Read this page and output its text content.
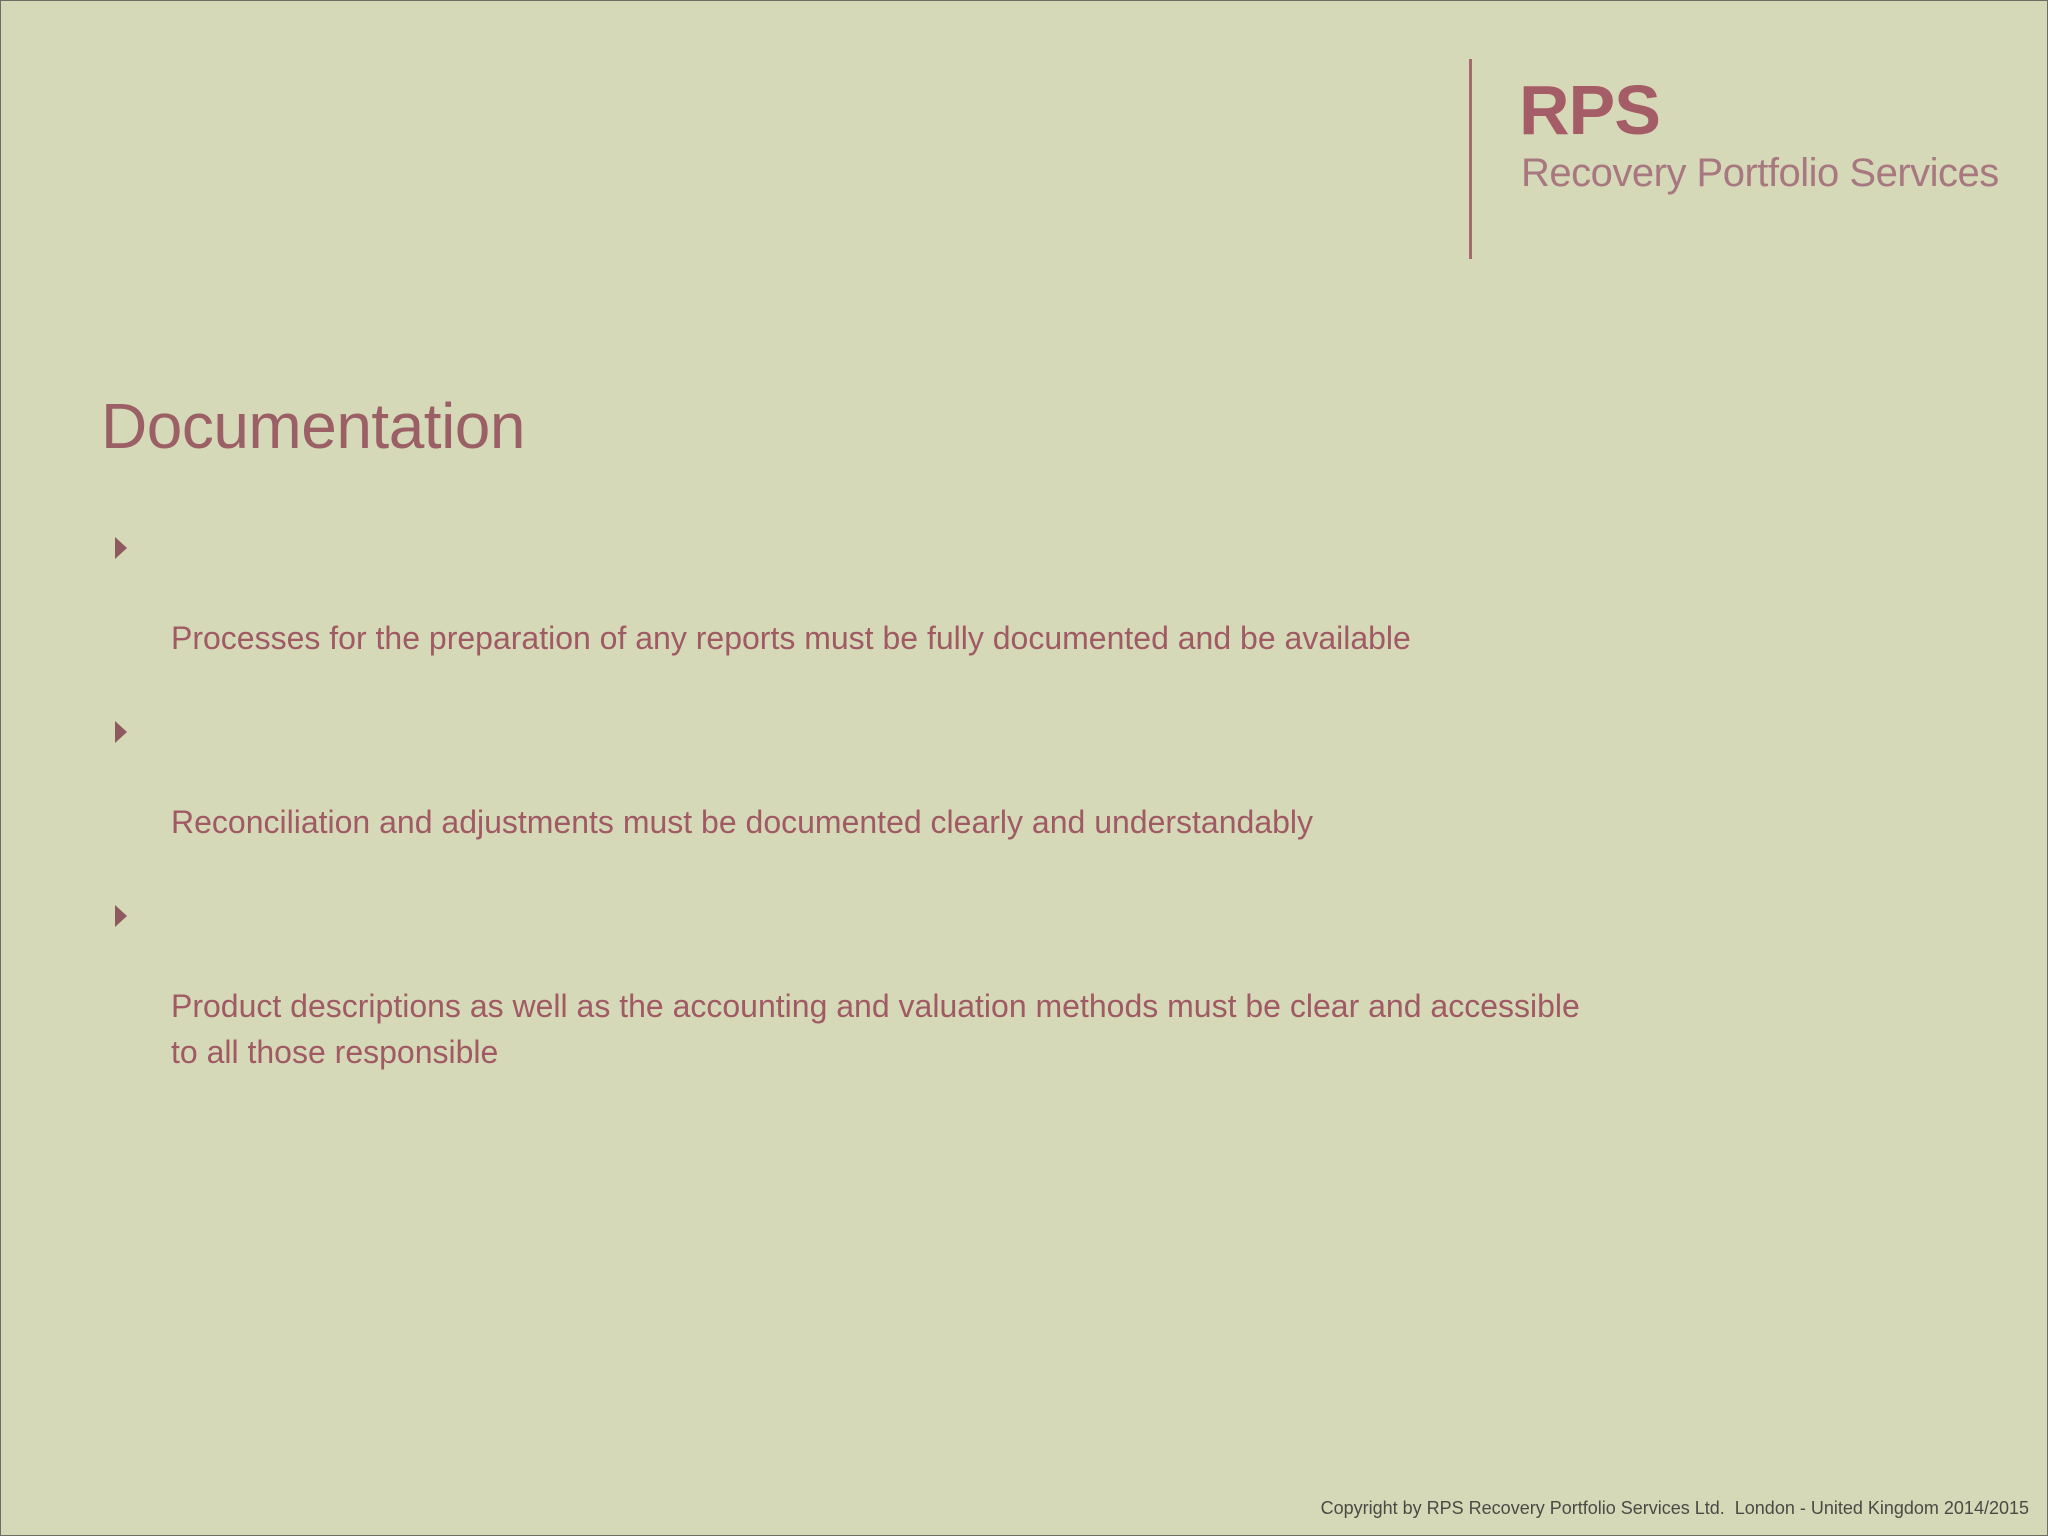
RPS
Recovery Portfolio Services
Documentation

Processes for the preparation of any reports must be fully documented and be available

Reconciliation and adjustments must be documented clearly and understandably

Product descriptions as well as the accounting and valuation methods must be clear and accessible
to all those responsible

Copyright by RPS Recovery Portfolio Services Ltd.  London - United Kingdom 2014/2015
